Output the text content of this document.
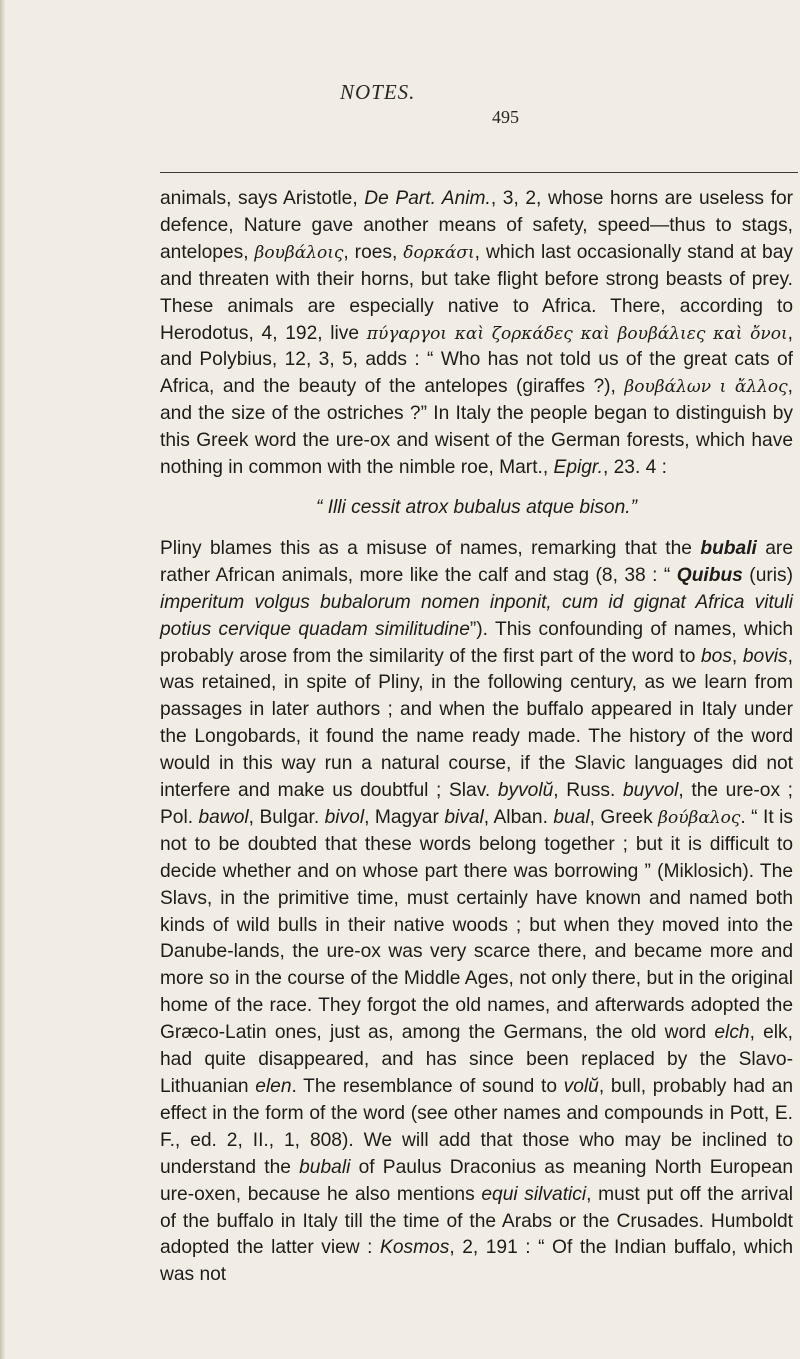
NOTES.
495

animals, says Aristotle, De Part. Anim., 3, 2, whose horns are useless for defence, Nature gave another means of safety, speed—thus to stags, antelopes, βουβάλοις, roes, δορκάσι, which last occasionally stand at bay and threaten with their horns, but take flight before strong beasts of prey. These animals are especially native to Africa. There, according to Herodotus, 4, 192, live πύγαργοι καὶ ζορκάδες καὶ βουβάλιες καὶ ὄνοι, and Polybius, 12, 3, 5, adds : “ Who has not told us of the great cats of Africa, and the beauty of the antelopes (giraffes ?), βουβάλων ι ἄλλος, and the size of the ostriches ?” In Italy the people began to distinguish by this Greek word the ure-ox and wisent of the German forests, which have nothing in common with the nimble roe, Mart., Epigr., 23. 4 :

“ Illi cessit atrox bubalus atque bison.”

Pliny blames this as a misuse of names, remarking that the bubali are rather African animals, more like the calf and stag (8, 38 : “ Quibus (uris) imperitum volgus bubalorum nomen inponit, cum id gignat Africa vituli potius cervique quadam similitudine”). This confounding of names, which probably arose from the similarity of the first part of the word to bos, bovis, was retained, in spite of Pliny, in the following century, as we learn from passages in later authors ; and when the buffalo appeared in Italy under the Longobards, it found the name ready made. The history of the word would in this way run a natural course, if the Slavic languages did not interfere and make us doubtful ; Slav. byvolŭ, Russ. buyvol, the ure-ox ; Pol. bawol, Bulgar. bivol, Magyar bival, Alban. bual, Greek βούβαλος. “ It is not to be doubted that these words belong together ; but it is difficult to decide whether and on whose part there was borrowing ” (Miklosich). The Slavs, in the primitive time, must certainly have known and named both kinds of wild bulls in their native woods ; but when they moved into the Danube-lands, the ure-ox was very scarce there, and became more and more so in the course of the Middle Ages, not only there, but in the original home of the race. They forgot the old names, and afterwards adopted the Græco-Latin ones, just as, among the Germans, the old word elch, elk, had quite disappeared, and has since been replaced by the Slavo-Lithuanian elen. The resemblance of sound to volŭ, bull, probably had an effect in the form of the word (see other names and compounds in Pott, E. F., ed. 2, II., 1, 808). We will add that those who may be inclined to understand the bubali of Paulus Draconius as meaning North European ure-oxen, because he also mentions equi silvatici, must put off the arrival of the buffalo in Italy till the time of the Arabs or the Crusades. Humboldt adopted the latter view : Kosmos, 2, 191 : “ Of the Indian buffalo, which was not
